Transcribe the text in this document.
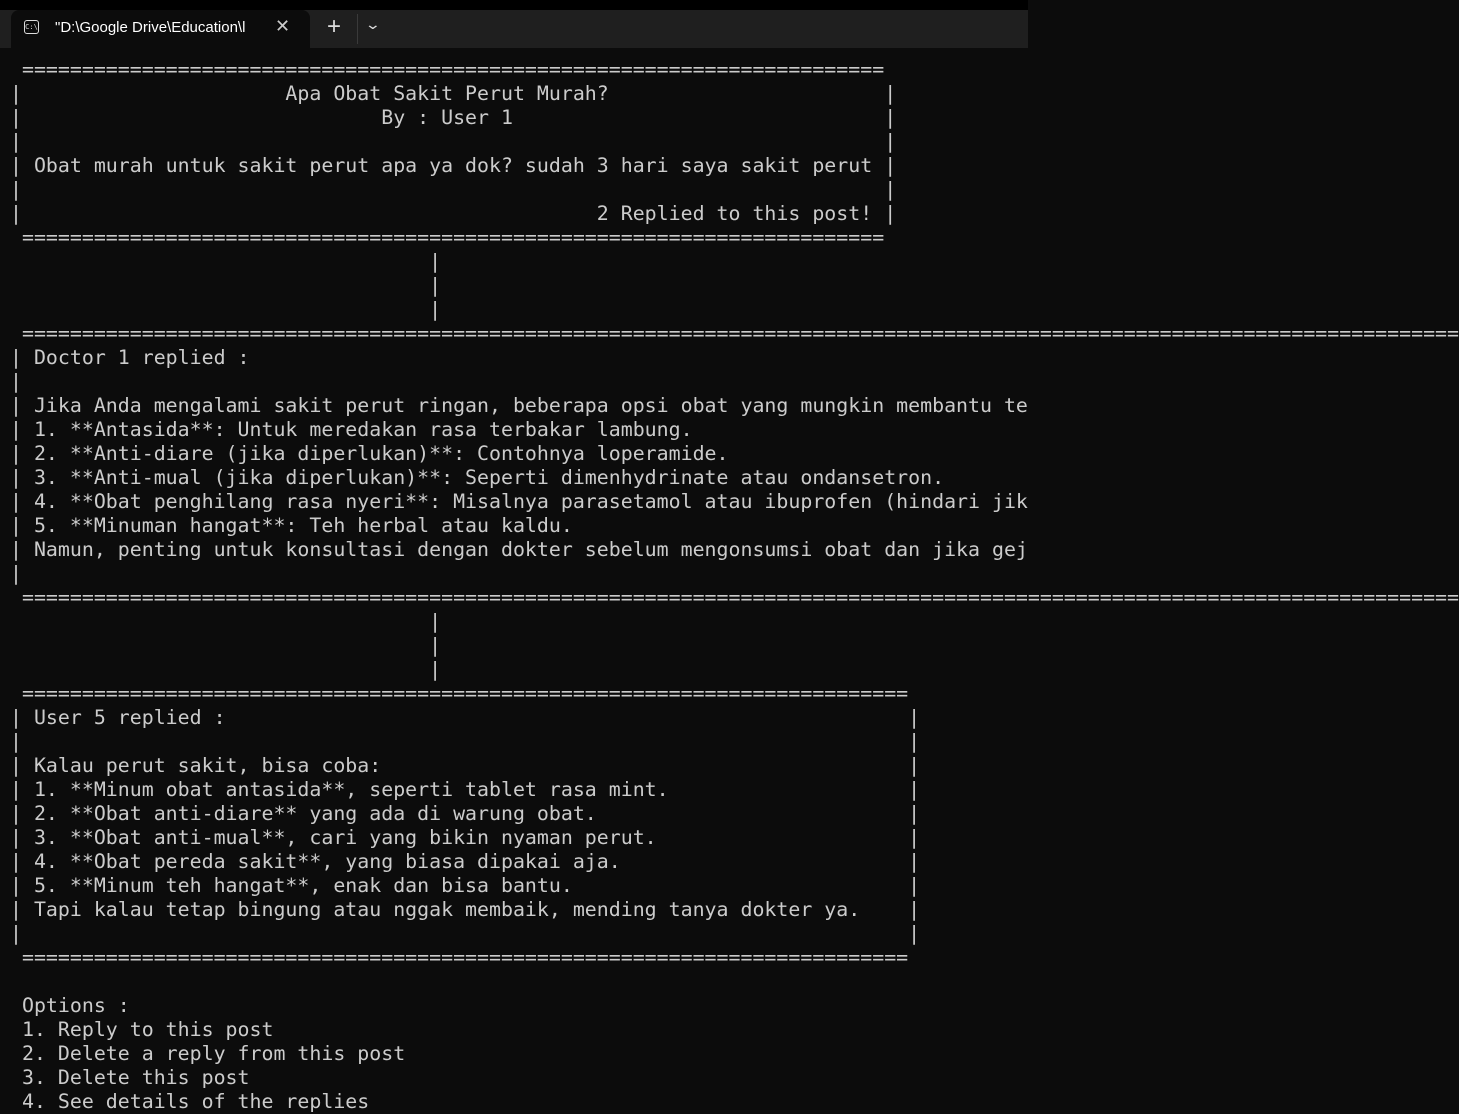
C:\ "D:\Google Drive\Education\l	✕ + ⌄
========================================================================
|                      Apa Obat Sakit Perut Murah?                       |
|                              By : User 1                               |
|                                                                        |
| Obat murah untuk sakit perut apa ya dok? sudah 3 hari saya sakit perut |
|                                                                        |
|                                                2 Replied to this post! |
========================================================================
|
|
|
========================================================================================================================
| Doctor 1 replied :
|
| Jika Anda mengalami sakit perut ringan, beberapa opsi obat yang mungkin membantu te
| 1. **Antasida**: Untuk meredakan rasa terbakar lambung.
| 2. **Anti-diare (jika diperlukan)**: Contohnya loperamide.
| 3. **Anti-mual (jika diperlukan)**: Seperti dimenhydrinate atau ondansetron.
| 4. **Obat penghilang rasa nyeri**: Misalnya parasetamol atau ibuprofen (hindari jik
| 5. **Minuman hangat**: Teh herbal atau kaldu.
| Namun, penting untuk konsultasi dengan dokter sebelum mengonsumsi obat dan jika gej
|
========================================================================================================================
|
|
|
==========================================================================
| User 5 replied :                                                         |
|                                                                          |
| Kalau perut sakit, bisa coba:                                            |
| 1. **Minum obat antasida**, seperti tablet rasa mint.                    |
| 2. **Obat anti-diare** yang ada di warung obat.                          |
| 3. **Obat anti-mual**, cari yang bikin nyaman perut.                     |
| 4. **Obat pereda sakit**, yang biasa dipakai aja.                        |
| 5. **Minum teh hangat**, enak dan bisa bantu.                            |
| Tapi kalau tetap bingung atau nggak membaik, mending tanya dokter ya.    |
|                                                                          |
==========================================================================
Options :
1. Reply to this post
2. Delete a reply from this post
3. Delete this post
4. See details of the replies
